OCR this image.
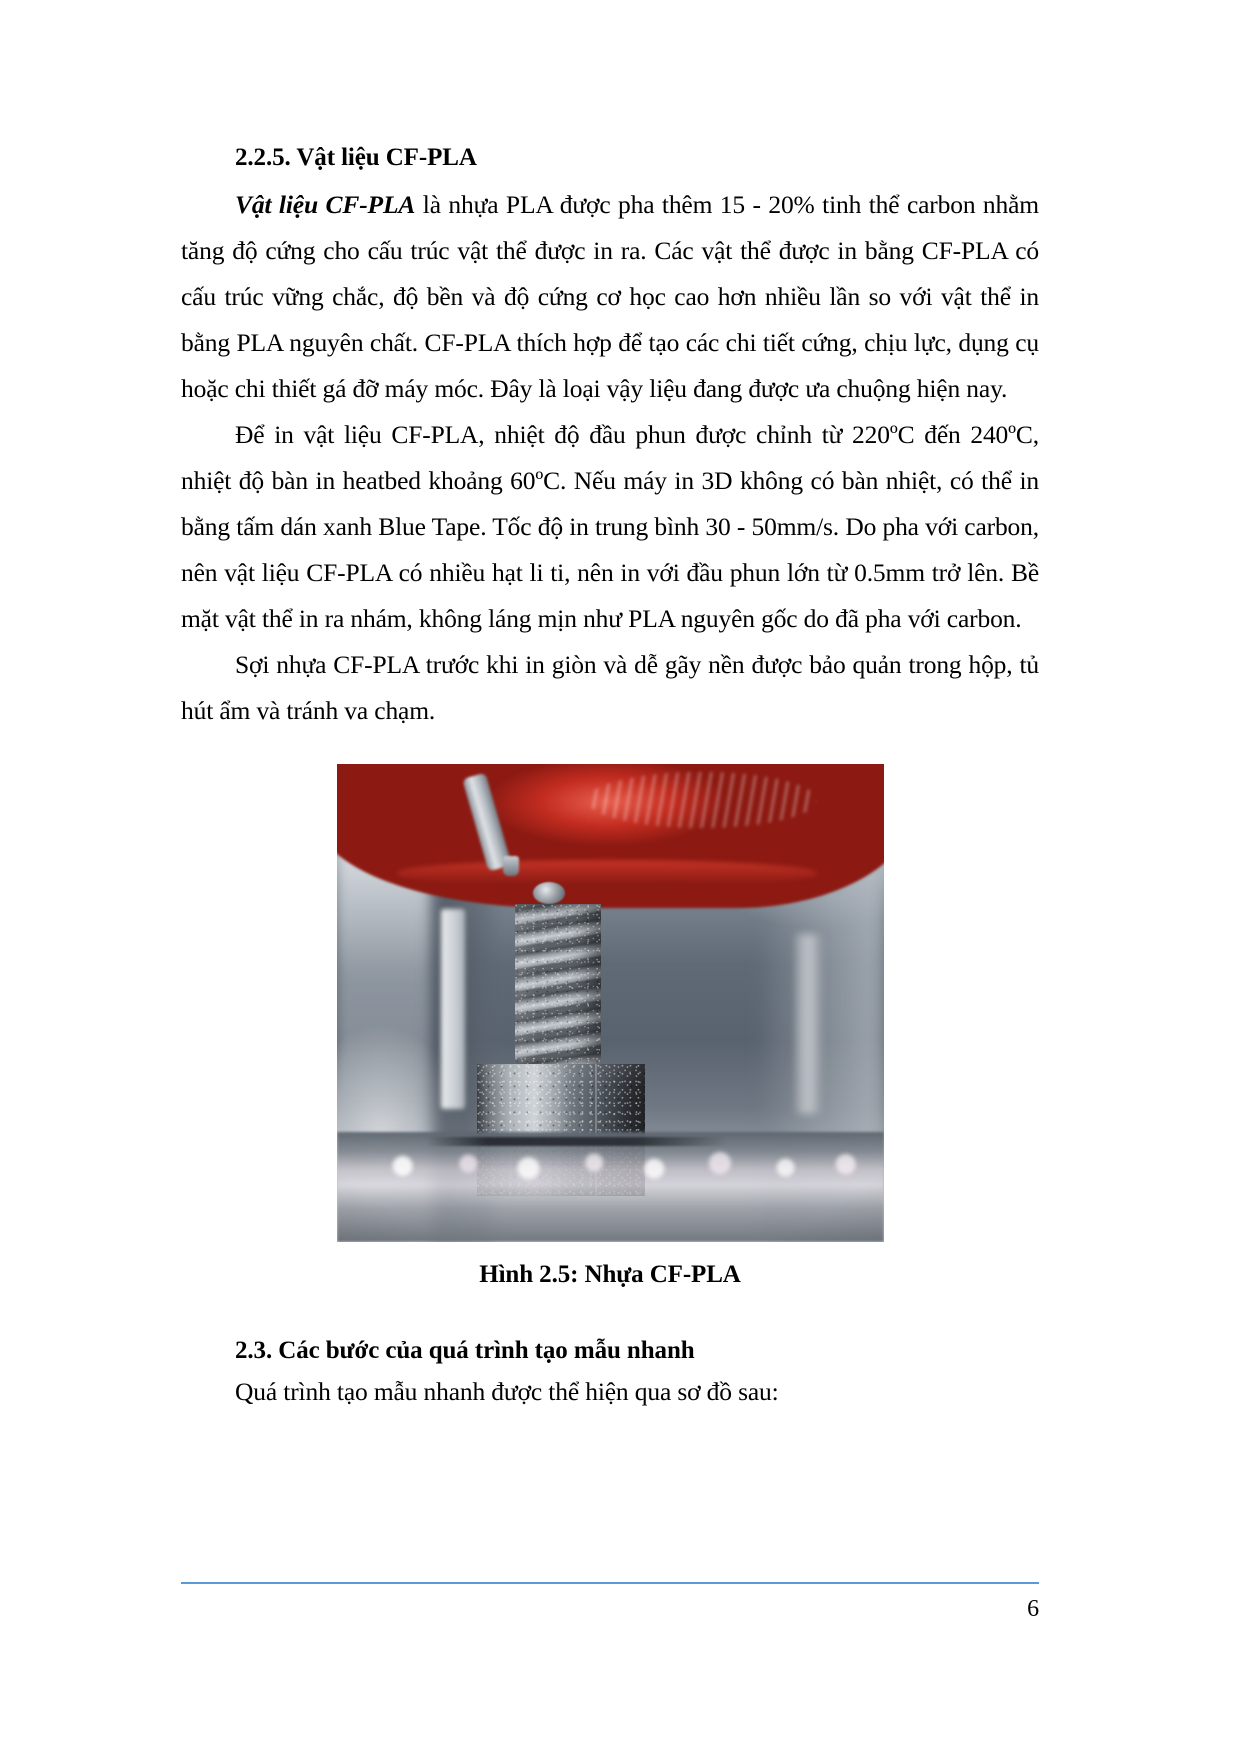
2.2.5. Vật liệu CF-PLA

Vật liệu CF-PLA là nhựa PLA được pha thêm 15 - 20% tinh thể carbon nhằm tăng độ cứng cho cấu trúc vật thể được in ra. Các vật thể được in bằng CF-PLA có cấu trúc vững chắc, độ bền và độ cứng cơ học cao hơn nhiều lần so với vật thể in bằng PLA nguyên chất. CF-PLA thích hợp để tạo các chi tiết cứng, chịu lực, dụng cụ hoặc chi thiết gá đỡ máy móc. Đây là loại vậy liệu đang được ưa chuộng hiện nay.

Để in vật liệu CF-PLA, nhiệt độ đầu phun được chỉnh từ 220ºC đến 240ºC, nhiệt độ bàn in heatbed khoảng 60ºC. Nếu máy in 3D không có bàn nhiệt, có thể in bằng tấm dán xanh Blue Tape. Tốc độ in trung bình 30 - 50mm/s. Do pha với carbon, nên vật liệu CF-PLA có nhiều hạt li ti, nên in với đầu phun lớn từ 0.5mm trở lên. Bề mặt vật thể in ra nhám, không láng mịn như PLA nguyên gốc do đã pha với carbon.

Sợi nhựa CF-PLA trước khi in giòn và dễ gãy nền được bảo quản trong hộp, tủ hút ẩm và tránh va chạm.

Hình 2.5: Nhựa CF-PLA
2.3. Các bước của quá trình tạo mẫu nhanh

Quá trình tạo mẫu nhanh được thể hiện qua sơ đồ sau:

6
